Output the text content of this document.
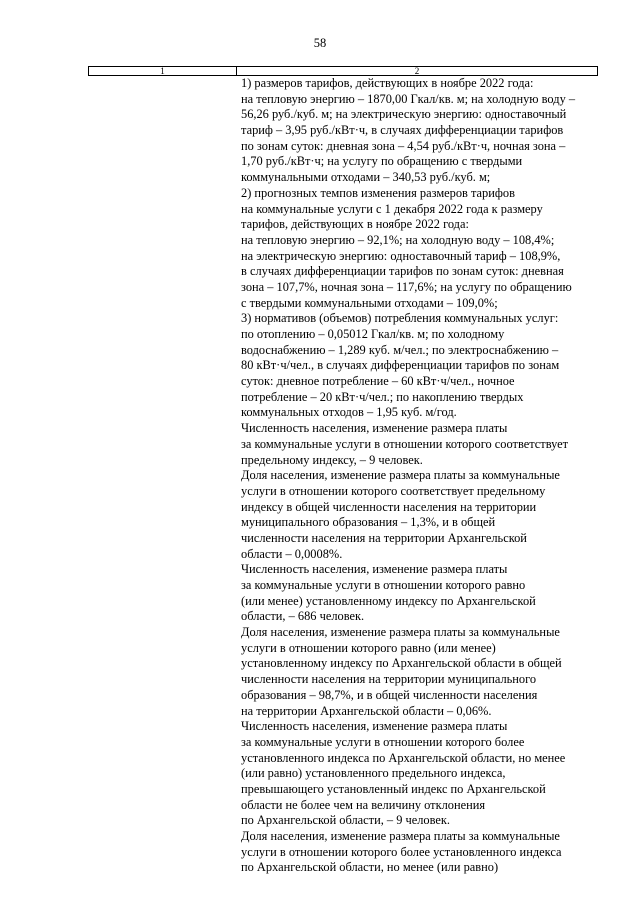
58
1	2
1) размеров тарифов, действующих в ноябре 2022 года:
на тепловую энергию – 1870,00 Гкал/кв. м; на холодную воду –
56,26 руб./куб. м; на электрическую энергию: одноставочный
тариф – 3,95 руб./кВт·ч, в случаях дифференциации тарифов
по зонам суток: дневная зона – 4,54 руб./кВт·ч, ночная зона –
1,70 руб./кВт·ч; на услугу по обращению с твердыми
коммунальными отходами – 340,53 руб./куб. м;
2) прогнозных темпов изменения размеров тарифов
на коммунальные услуги с 1 декабря 2022 года к размеру
тарифов, действующих в ноябре 2022 года:
на тепловую энергию – 92,1%; на холодную воду – 108,4%;
на электрическую энергию: одноставочный тариф – 108,9%,
в случаях дифференциации тарифов по зонам суток: дневная
зона – 107,7%, ночная зона – 117,6%; на услугу по обращению
с твердыми коммунальными отходами – 109,0%;
3) нормативов (объемов) потребления коммунальных услуг:
по отоплению – 0,05012 Гкал/кв. м; по холодному
водоснабжению – 1,289 куб. м/чел.; по электроснабжению –
80 кВт·ч/чел., в случаях дифференциации тарифов по зонам
суток: дневное потребление – 60 кВт·ч/чел., ночное
потребление – 20 кВт·ч/чел.; по накоплению твердых
коммунальных отходов – 1,95 куб. м/год.
Численность населения, изменение размера платы
за коммунальные услуги в отношении которого соответствует
предельному индексу, – 9 человек.
Доля населения, изменение размера платы за коммунальные
услуги в отношении которого соответствует предельному
индексу в общей численности населения на территории
муниципального образования – 1,3%, и в общей
численности населения на территории Архангельской
области – 0,0008%.
Численность населения, изменение размера платы
за коммунальные услуги в отношении которого равно
(или менее) установленному индексу по Архангельской
области, – 686 человек.
Доля населения, изменение размера платы за коммунальные
услуги в отношении которого равно (или менее)
установленному индексу по Архангельской области в общей
численности населения на территории муниципального
образования – 98,7%, и в общей численности населения
на территории Архангельской области – 0,06%.
Численность населения, изменение размера платы
за коммунальные услуги в отношении которого более
установленного индекса по Архангельской области, но менее
(или равно) установленного предельного индекса,
превышающего установленный индекс по Архангельской
области не более чем на величину отклонения
по Архангельской области, – 9 человек.
Доля населения, изменение размера платы за коммунальные
услуги в отношении которого более установленного индекса
по Архангельской области, но менее (или равно)
